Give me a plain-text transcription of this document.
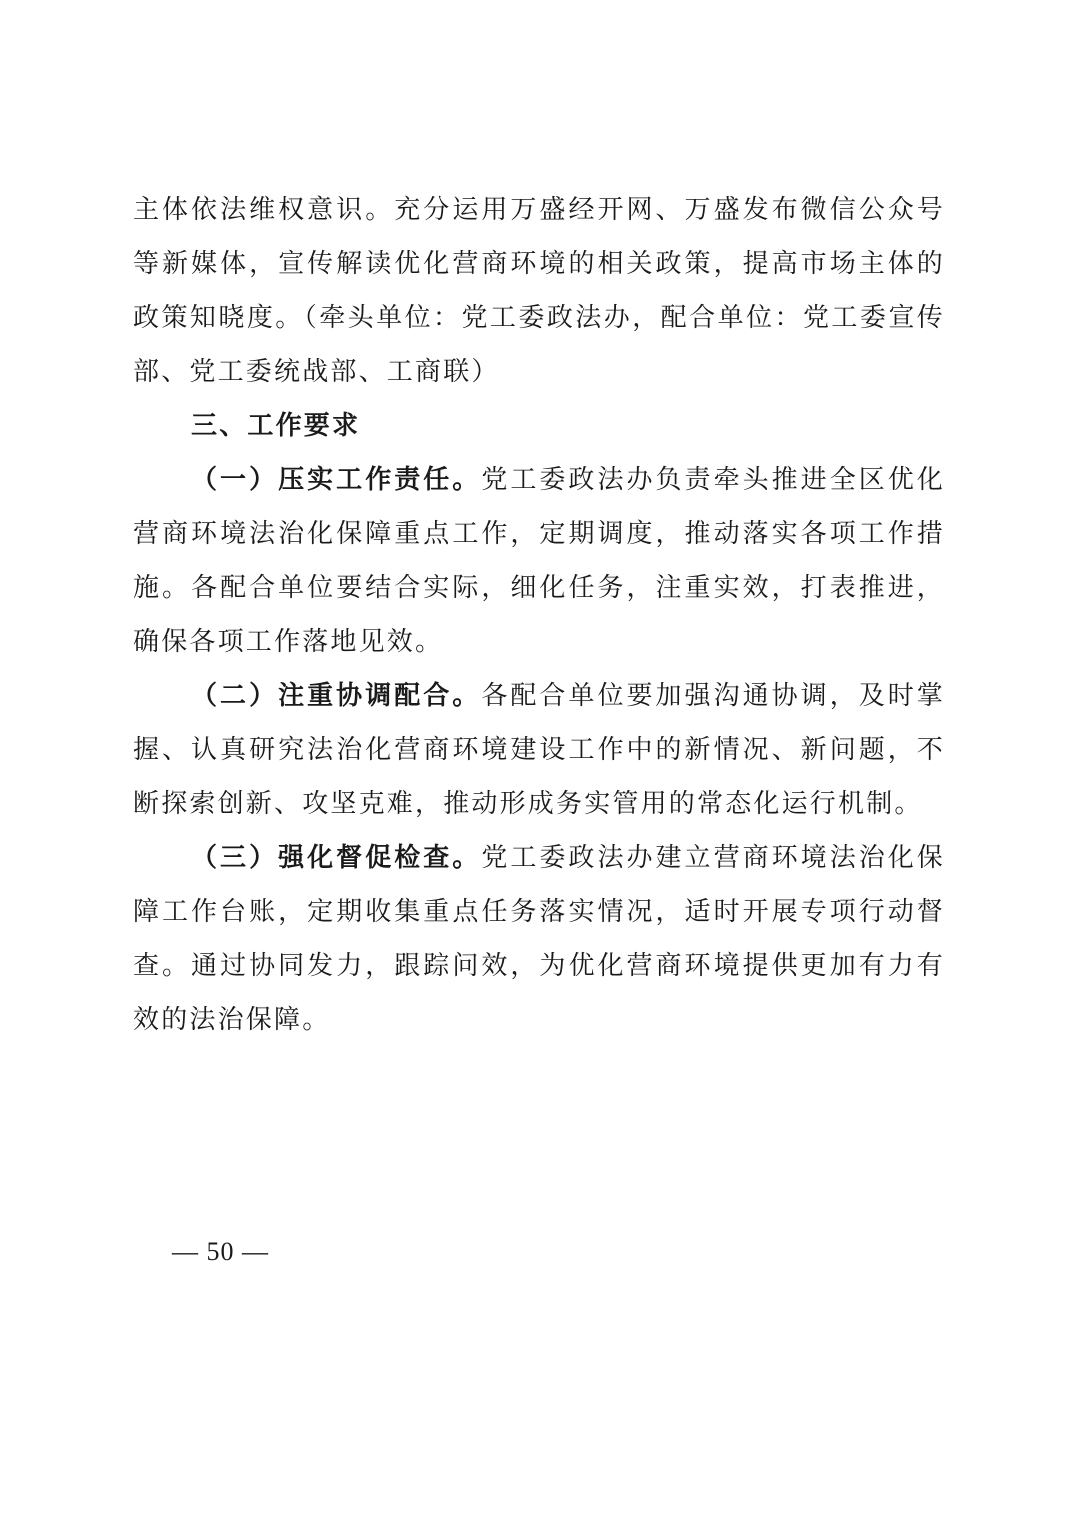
主体依法维权意识。充分运用万盛经开网、万盛发布微信公众号等新媒体，宣传解读优化营商环境的相关政策，提高市场主体的政策知晓度。（牵头单位：党工委政法办，配合单位：党工委宣传部、党工委统战部、工商联）

三、工作要求

（一）压实工作责任。党工委政法办负责牵头推进全区优化营商环境法治化保障重点工作，定期调度，推动落实各项工作措施。各配合单位要结合实际，细化任务，注重实效，打表推进，确保各项工作落地见效。

（二）注重协调配合。各配合单位要加强沟通协调，及时掌握、认真研究法治化营商环境建设工作中的新情况、新问题，不断探索创新、攻坚克难，推动形成务实管用的常态化运行机制。

（三）强化督促检查。党工委政法办建立营商环境法治化保障工作台账，定期收集重点任务落实情况，适时开展专项行动督查。通过协同发力，跟踪问效，为优化营商环境提供更加有力有效的法治保障。

— 50 —
